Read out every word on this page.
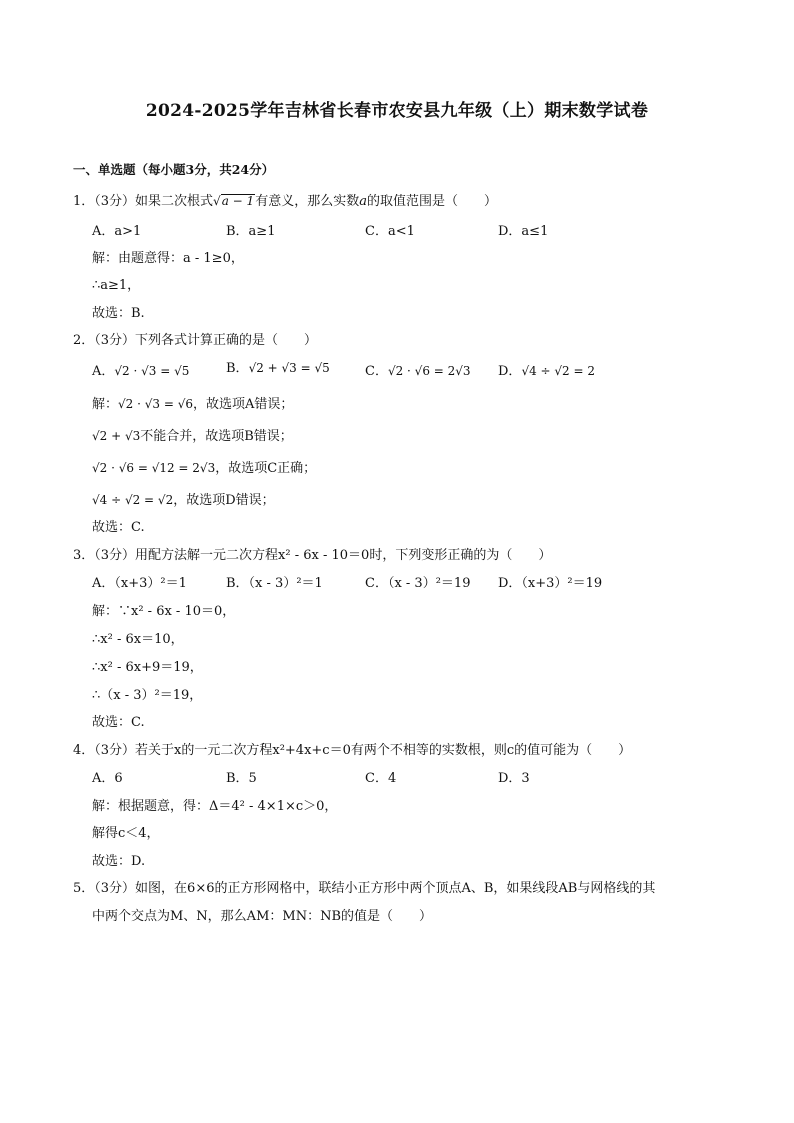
2024-2025学年吉林省长春市农安县九年级（上）期末数学试卷
一、单选题（每小题3分，共24分）
1．（3分）如果二次根式√a − 1有意义，那么实数a的取值范围是（　　）
A．a>1	B．a≥1	C．a<1	D．a≤1
解：由题意得：a - 1≥0，
∴a≥1，
故选：B.
2．（3分）下列各式计算正确的是（　　）
A．√2 · √3 = √5	B．√2 + √3 = √5	C．√2 · √6 = 2√3 D．√4 ÷ √2 = 2
解：√2 · √3 = √6，故选项A错误；
√2 + √3不能合并，故选项B错误；
√2 · √6 = √12 = 2√3，故选项C正确；
√4 ÷ √2 = √2，故选项D错误；
故选：C.
3．（3分）用配方法解一元二次方程x² - 6x - 10＝0时，下列变形正确的为（　　）
A．（x+3）²＝1	B．（x - 3）²＝1	C．（x - 3）²＝19 D．（x+3）²＝19
解：∵x² - 6x - 10＝0，
∴x² - 6x＝10，
∴x² - 6x+9＝19，
∴（x - 3）²＝19，
故选：C.
4．（3分）若关于x的一元二次方程x²+4x+c＝0有两个不相等的实数根，则c的值可能为（　　）
A．6	B．5	C．4	D．3
解：根据题意，得：Δ＝4² - 4×1×c＞0，
解得c＜4，
故选：D.
5．（3分）如图，在6×6的正方形网格中，联结小正方形中两个顶点A、B，如果线段AB与网格线的其
中两个交点为M、N，那么AM：MN：NB的值是（　　）
